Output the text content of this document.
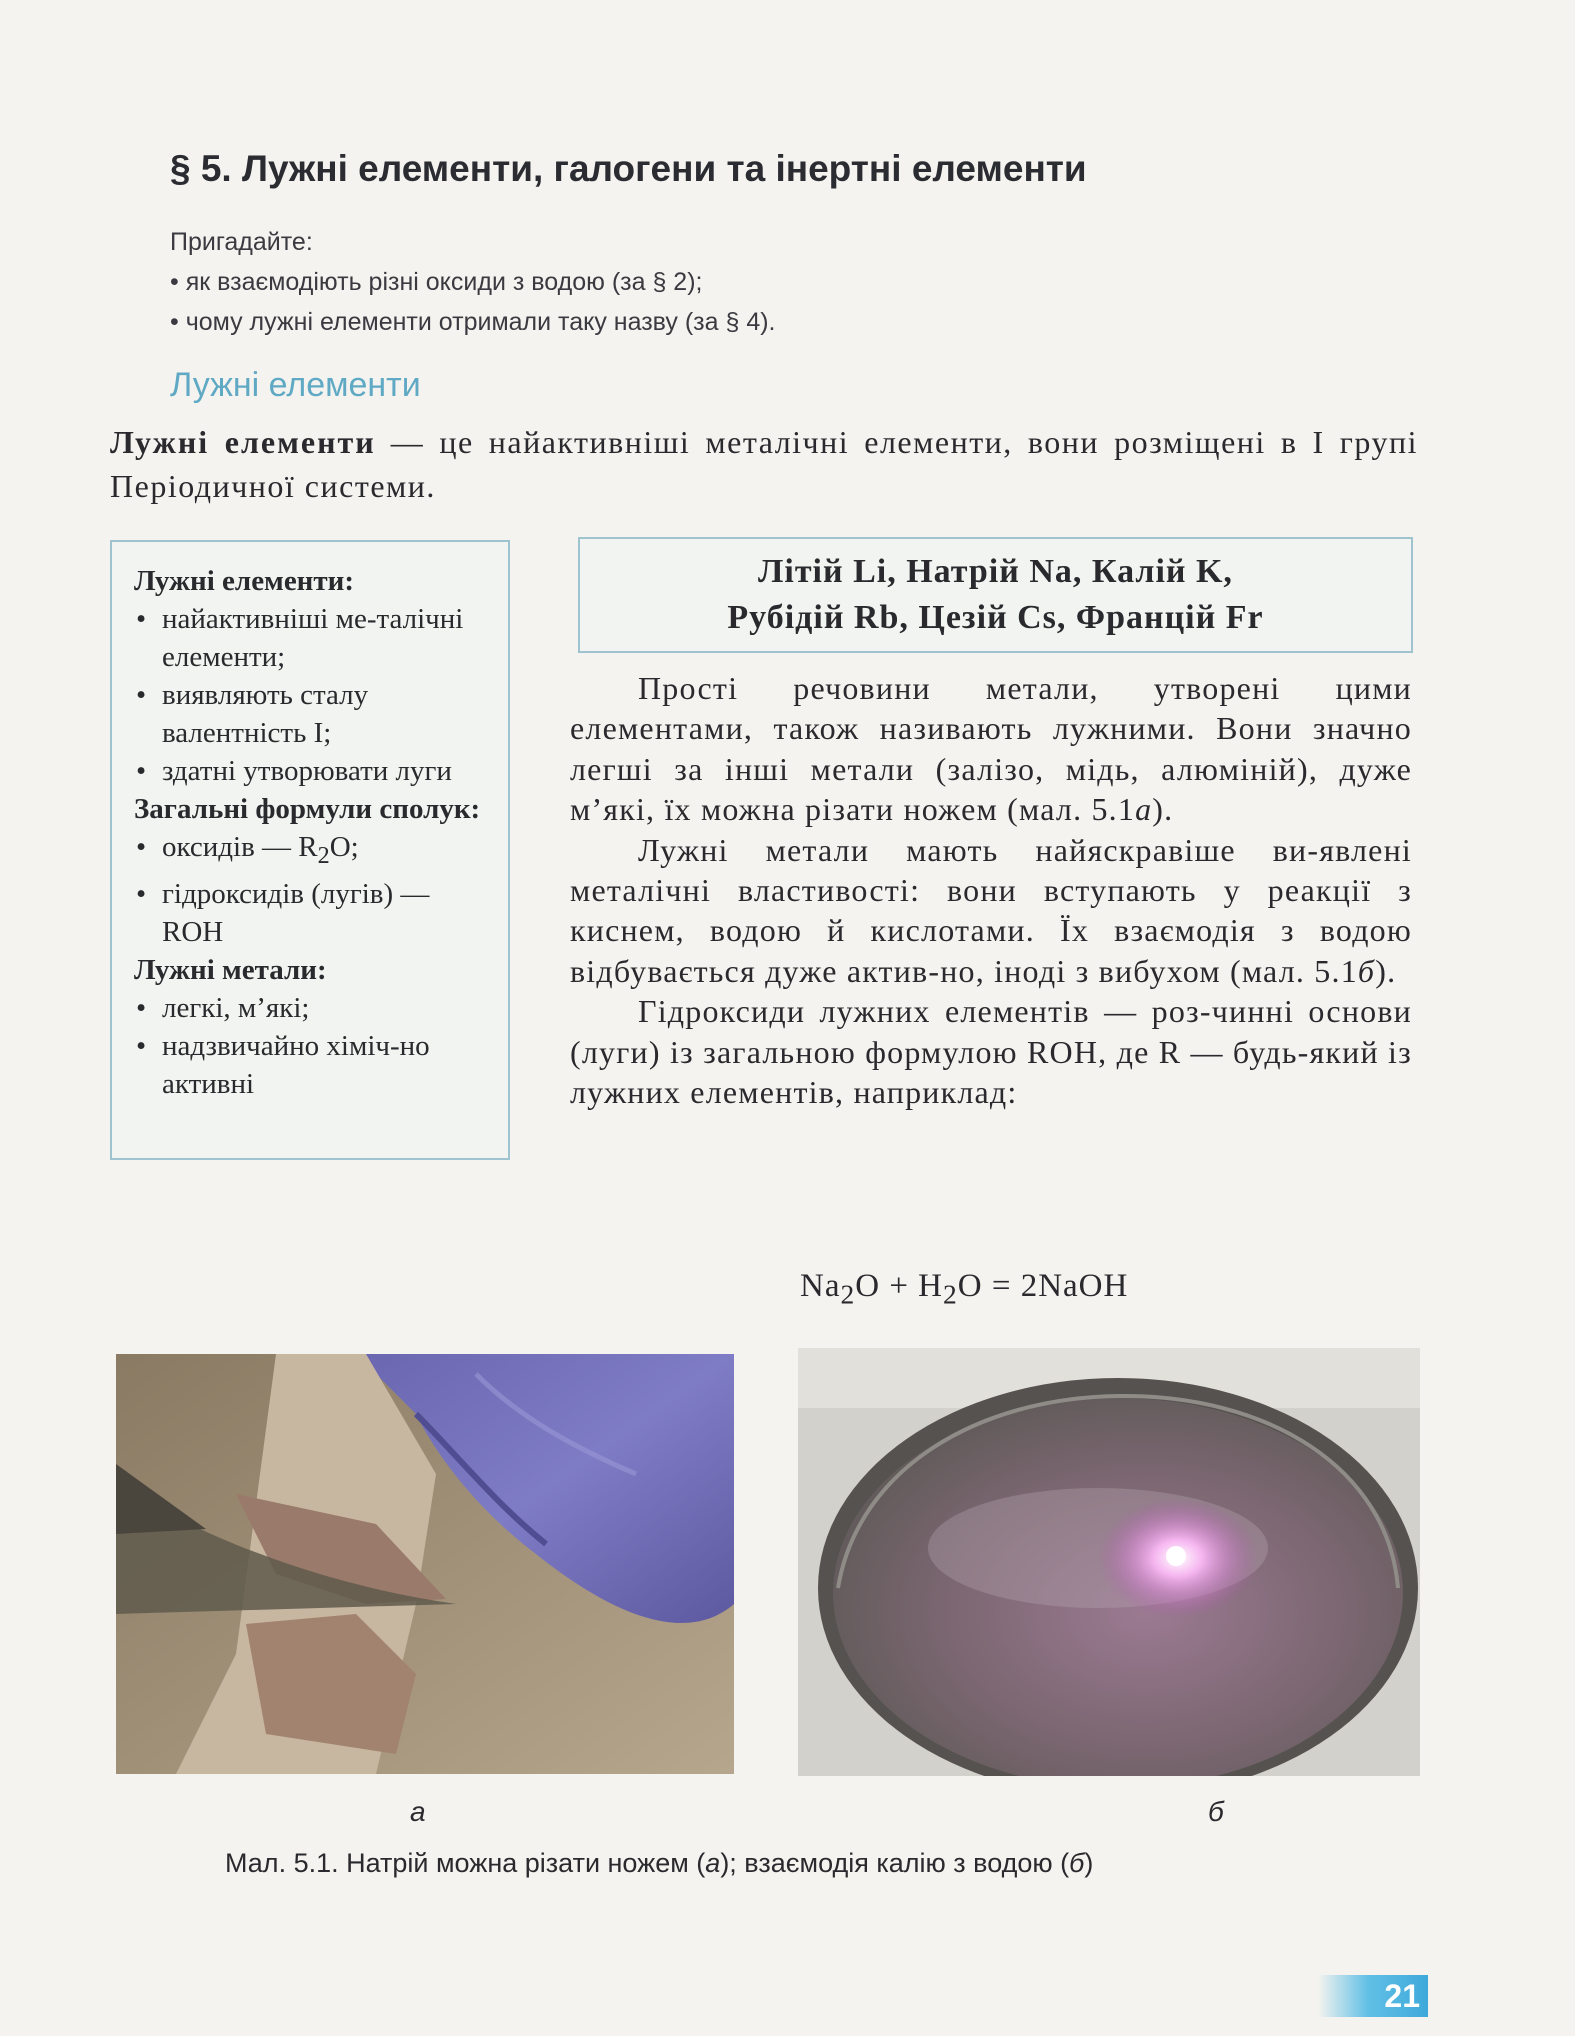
§ 5. Лужні елементи, галогени та інертні елементи
Пригадайте:
• як взаємодіють різні оксиди з водою (за § 2);
• чому лужні елементи отримали таку назву (за § 4).
Лужні елементи
Лужні елементи — це найактивніші металічні елементи, вони розміщені в І групі Періодичної системи.
Лужні елементи:
• найактивніші ме-талічні елементи;
• виявляють сталу валентність І;
• здатні утворювати луги
Загальні формули сполук:
• оксидів — $R_2O$;
• гідроксидів (лугів) — ROH
Лужні метали:
• легкі, м’які;
• надзвичайно хіміч-но активні
Літій Li, Натрій Na, Калій K,
Рубідій Rb, Цезій Cs, Францій Fr

Прості речовини метали, утворені цими елементами, також називають лужними. Вони значно легші за інші метали (залізо, мідь, алюміній), дуже м’які, їх можна різати ножем (мал. 5.1а).

Лужні метали мають найяскравіше ви-явлені металічні властивості: вони вступають у реакції з киснем, водою й кислотами. Їх взаємодія з водою відбувається дуже актив-но, іноді з вибухом (мал. 5.1б).

Гідроксиди лужних елементів — роз-чинні основи (луги) із загальною формулою ROH, де R — будь-який із лужних елементів, наприклад:

$Na_2O + H_2O$ = 2NaOH
а	б
Мал. 5.1. Натрій можна різати ножем (а); взаємодія калію з водою (б)
21
